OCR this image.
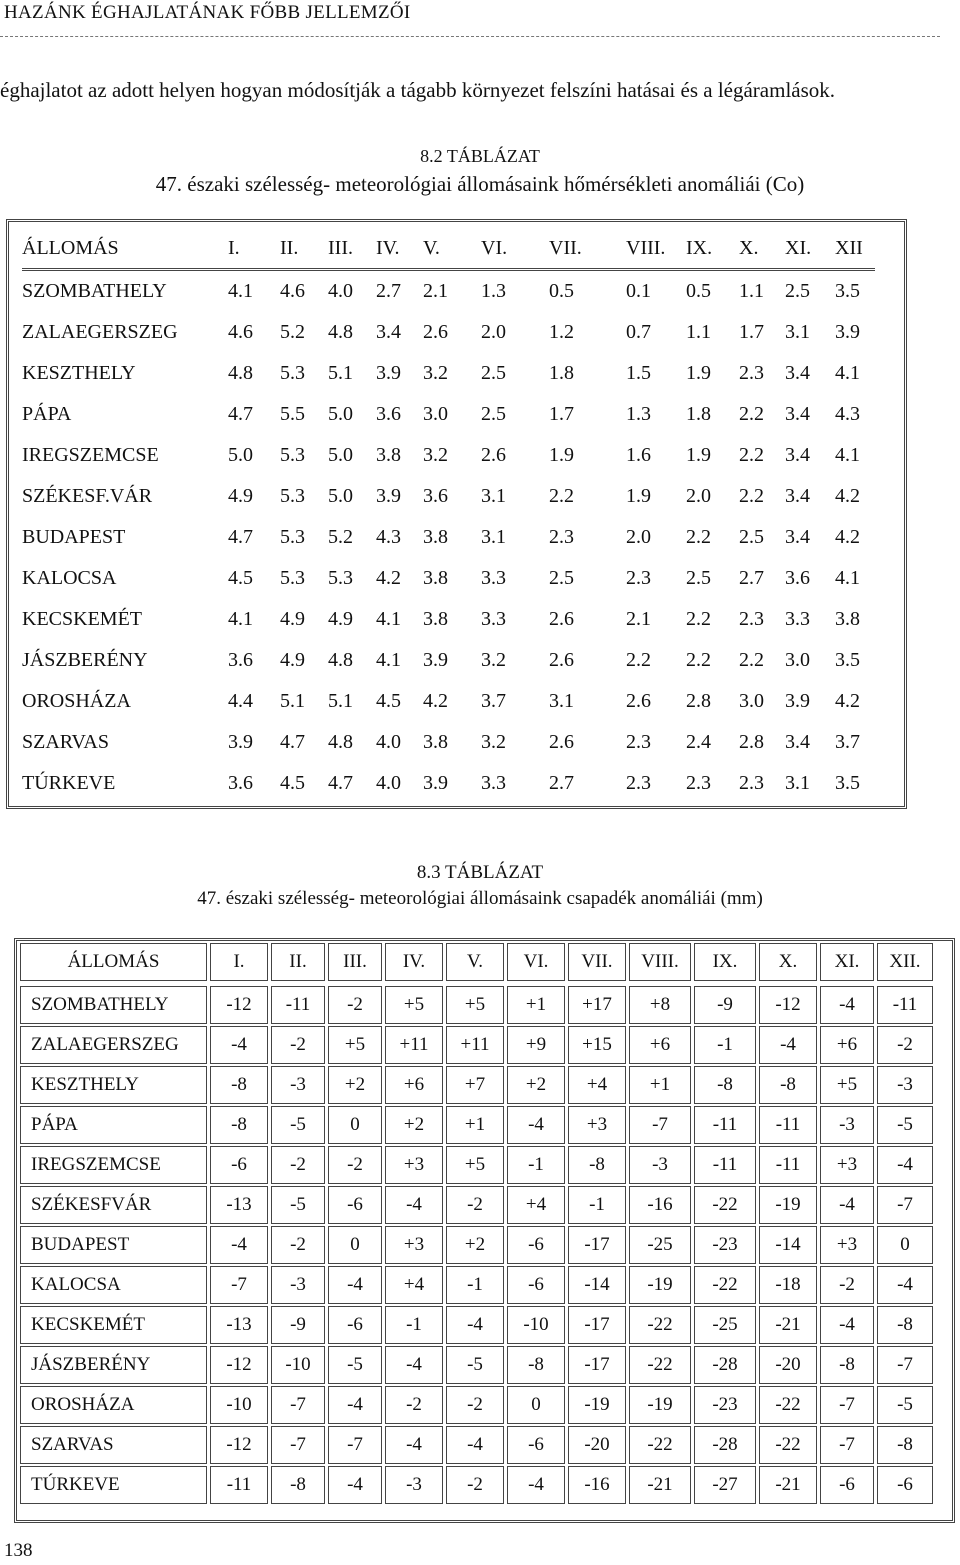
HAZÁNK ÉGHAJLATÁNAK FŐBB JELLEMZŐI
éghajlatot az adott helyen hogyan módosítják a tágabb környezet felszíni hatásai és a légáramlások.
8.2 TÁBLÁZAT
47. északi szélesség- meteorológiai állomásaink hőmérsékleti anomáliái (Co)
ÁLLOMÁS	I.	II.	III.	IV.	V.	VI.	VII.	VIII.	IX.	X.	XI.	XII
SZOMBATHELY	4.1	4.6	4.0	2.7	2.1	1.3	0.5	0.1	0.5	1.1	2.5	3.5
ZALAEGERSZEG	4.6	5.2	4.8	3.4	2.6	2.0	1.2	0.7	1.1	1.7	3.1	3.9
KESZTHELY	4.8	5.3	5.1	3.9	3.2	2.5	1.8	1.5	1.9	2.3	3.4	4.1
PÁPA	4.7	5.5	5.0	3.6	3.0	2.5	1.7	1.3	1.8	2.2	3.4	4.3
IREGSZEMCSE	5.0	5.3	5.0	3.8	3.2	2.6	1.9	1.6	1.9	2.2	3.4	4.1
SZÉKESF.VÁR	4.9	5.3	5.0	3.9	3.6	3.1	2.2	1.9	2.0	2.2	3.4	4.2
BUDAPEST	4.7	5.3	5.2	4.3	3.8	3.1	2.3	2.0	2.2	2.5	3.4	4.2
KALOCSA	4.5	5.3	5.3	4.2	3.8	3.3	2.5	2.3	2.5	2.7	3.6	4.1
KECSKEMÉT	4.1	4.9	4.9	4.1	3.8	3.3	2.6	2.1	2.2	2.3	3.3	3.8
JÁSZBERÉNY	3.6	4.9	4.8	4.1	3.9	3.2	2.6	2.2	2.2	2.2	3.0	3.5
OROSHÁZA	4.4	5.1	5.1	4.5	4.2	3.7	3.1	2.6	2.8	3.0	3.9	4.2
SZARVAS	3.9	4.7	4.8	4.0	3.8	3.2	2.6	2.3	2.4	2.8	3.4	3.7
TÚRKEVE	3.6	4.5	4.7	4.0	3.9	3.3	2.7	2.3	2.3	2.3	3.1	3.5
8.3 TÁBLÁZAT
47. északi szélesség- meteorológiai állomásaink csapadék anomáliái (mm)
ÁLLOMÁS	I.	II.	III.	IV.	V.	VI.	VII.	VIII.	IX.	X.	XI.	XII.

SZOMBATHELY	-12	-11	-2	+5	+5	+1	+17	+8	-9	-12	-4	-11
ZALAEGERSZEG	-4	-2	+5	+11	+11	+9	+15	+6	-1	-4	+6	-2
KESZTHELY	-8	-3	+2	+6	+7	+2	+4	+1	-8	-8	+5	-3
PÁPA	-8	-5	0	+2	+1	-4	+3	-7	-11	-11	-3	-5
IREGSZEMCSE	-6	-2	-2	+3	+5	-1	-8	-3	-11	-11	+3	-4
SZÉKESFVÁR	-13	-5	-6	-4	-2	+4	-1	-16	-22	-19	-4	-7
BUDAPEST	-4	-2	0	+3	+2	-6	-17	-25	-23	-14	+3	0
KALOCSA	-7	-3	-4	+4	-1	-6	-14	-19	-22	-18	-2	-4
KECSKEMÉT	-13	-9	-6	-1	-4	-10	-17	-22	-25	-21	-4	-8
JÁSZBERÉNY	-12	-10	-5	-4	-5	-8	-17	-22	-28	-20	-8	-7
OROSHÁZA	-10	-7	-4	-2	-2	0	-19	-19	-23	-22	-7	-5
SZARVAS	-12	-7	-7	-4	-4	-6	-20	-22	-28	-22	-7	-8
TÚRKEVE	-11	-8	-4	-3	-2	-4	-16	-21	-27	-21	-6	-6
138
